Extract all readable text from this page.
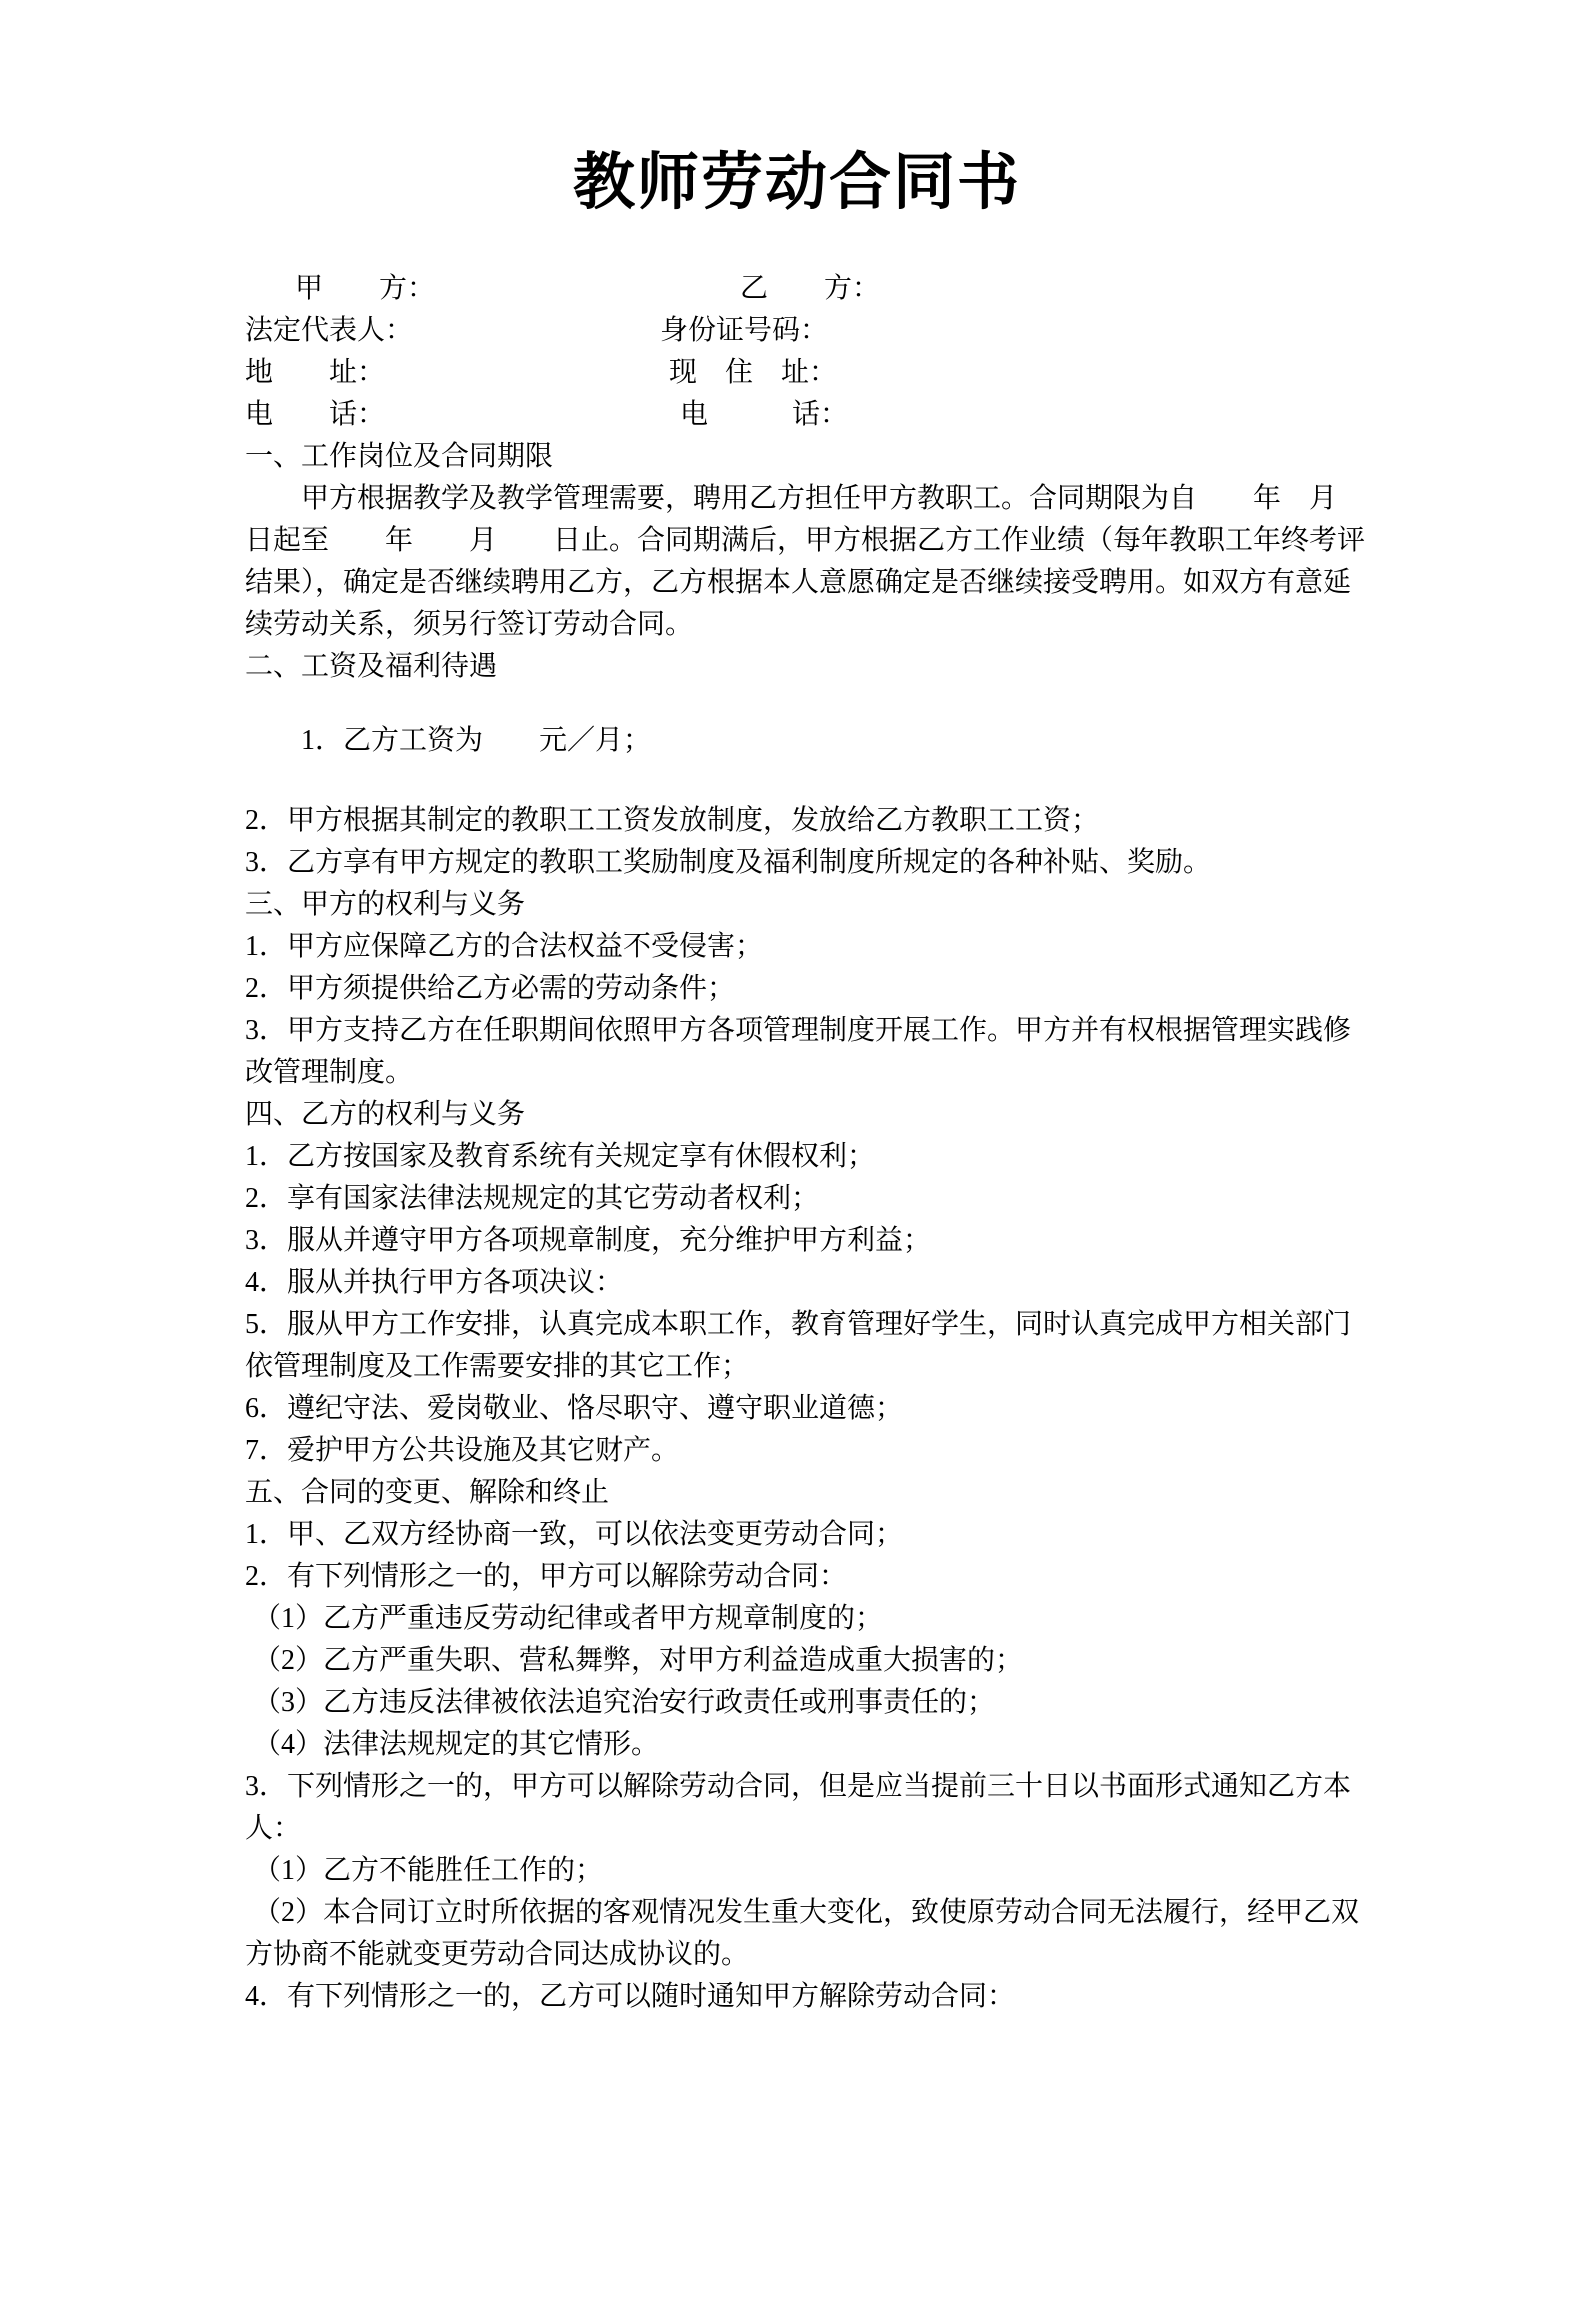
教师劳动合同书
甲　　方：	乙　　方：
法定代表人：	身份证号码：
地　　址：	现　住　址：
电　　话：	电　　　话：

一、工作岗位及合同期限

甲方根据教学及教学管理需要，聘用乙方担任甲方教职工。合同期限为自　　年　月

日起至　　年　　月　　日止。合同期满后，甲方根据乙方工作业绩（每年教职工年终考评

结果），确定是否继续聘用乙方，乙方根据本人意愿确定是否继续接受聘用。如双方有意延

续劳动关系，须另行签订劳动合同。

二、工资及福利待遇

1．乙方工资为　　元／月；

2．甲方根据其制定的教职工工资发放制度，发放给乙方教职工工资；

3．乙方享有甲方规定的教职工奖励制度及福利制度所规定的各种补贴、奖励。

三、甲方的权利与义务

1．甲方应保障乙方的合法权益不受侵害；

2．甲方须提供给乙方必需的劳动条件；

3．甲方支持乙方在任职期间依照甲方各项管理制度开展工作。甲方并有权根据管理实践修

改管理制度。

四、乙方的权利与义务

1．乙方按国家及教育系统有关规定享有休假权利；

2．享有国家法律法规规定的其它劳动者权利；

3．服从并遵守甲方各项规章制度，充分维护甲方利益；

4．服从并执行甲方各项决议：

5．服从甲方工作安排，认真完成本职工作，教育管理好学生，同时认真完成甲方相关部门

依管理制度及工作需要安排的其它工作；

6．遵纪守法、爱岗敬业、恪尽职守、遵守职业道德；

7．爱护甲方公共设施及其它财产。

五、合同的变更、解除和终止

1．甲、乙双方经协商一致，可以依法变更劳动合同；

2．有下列情形之一的，甲方可以解除劳动合同：

（1）乙方严重违反劳动纪律或者甲方规章制度的；

（2）乙方严重失职、营私舞弊，对甲方利益造成重大损害的；

（3）乙方违反法律被依法追究治安行政责任或刑事责任的；

（4）法律法规规定的其它情形。

3．下列情形之一的，甲方可以解除劳动合同，但是应当提前三十日以书面形式通知乙方本

人：

（1）乙方不能胜任工作的；

（2）本合同订立时所依据的客观情况发生重大变化，致使原劳动合同无法履行，经甲乙双

方协商不能就变更劳动合同达成协议的。

4．有下列情形之一的，乙方可以随时通知甲方解除劳动合同：
